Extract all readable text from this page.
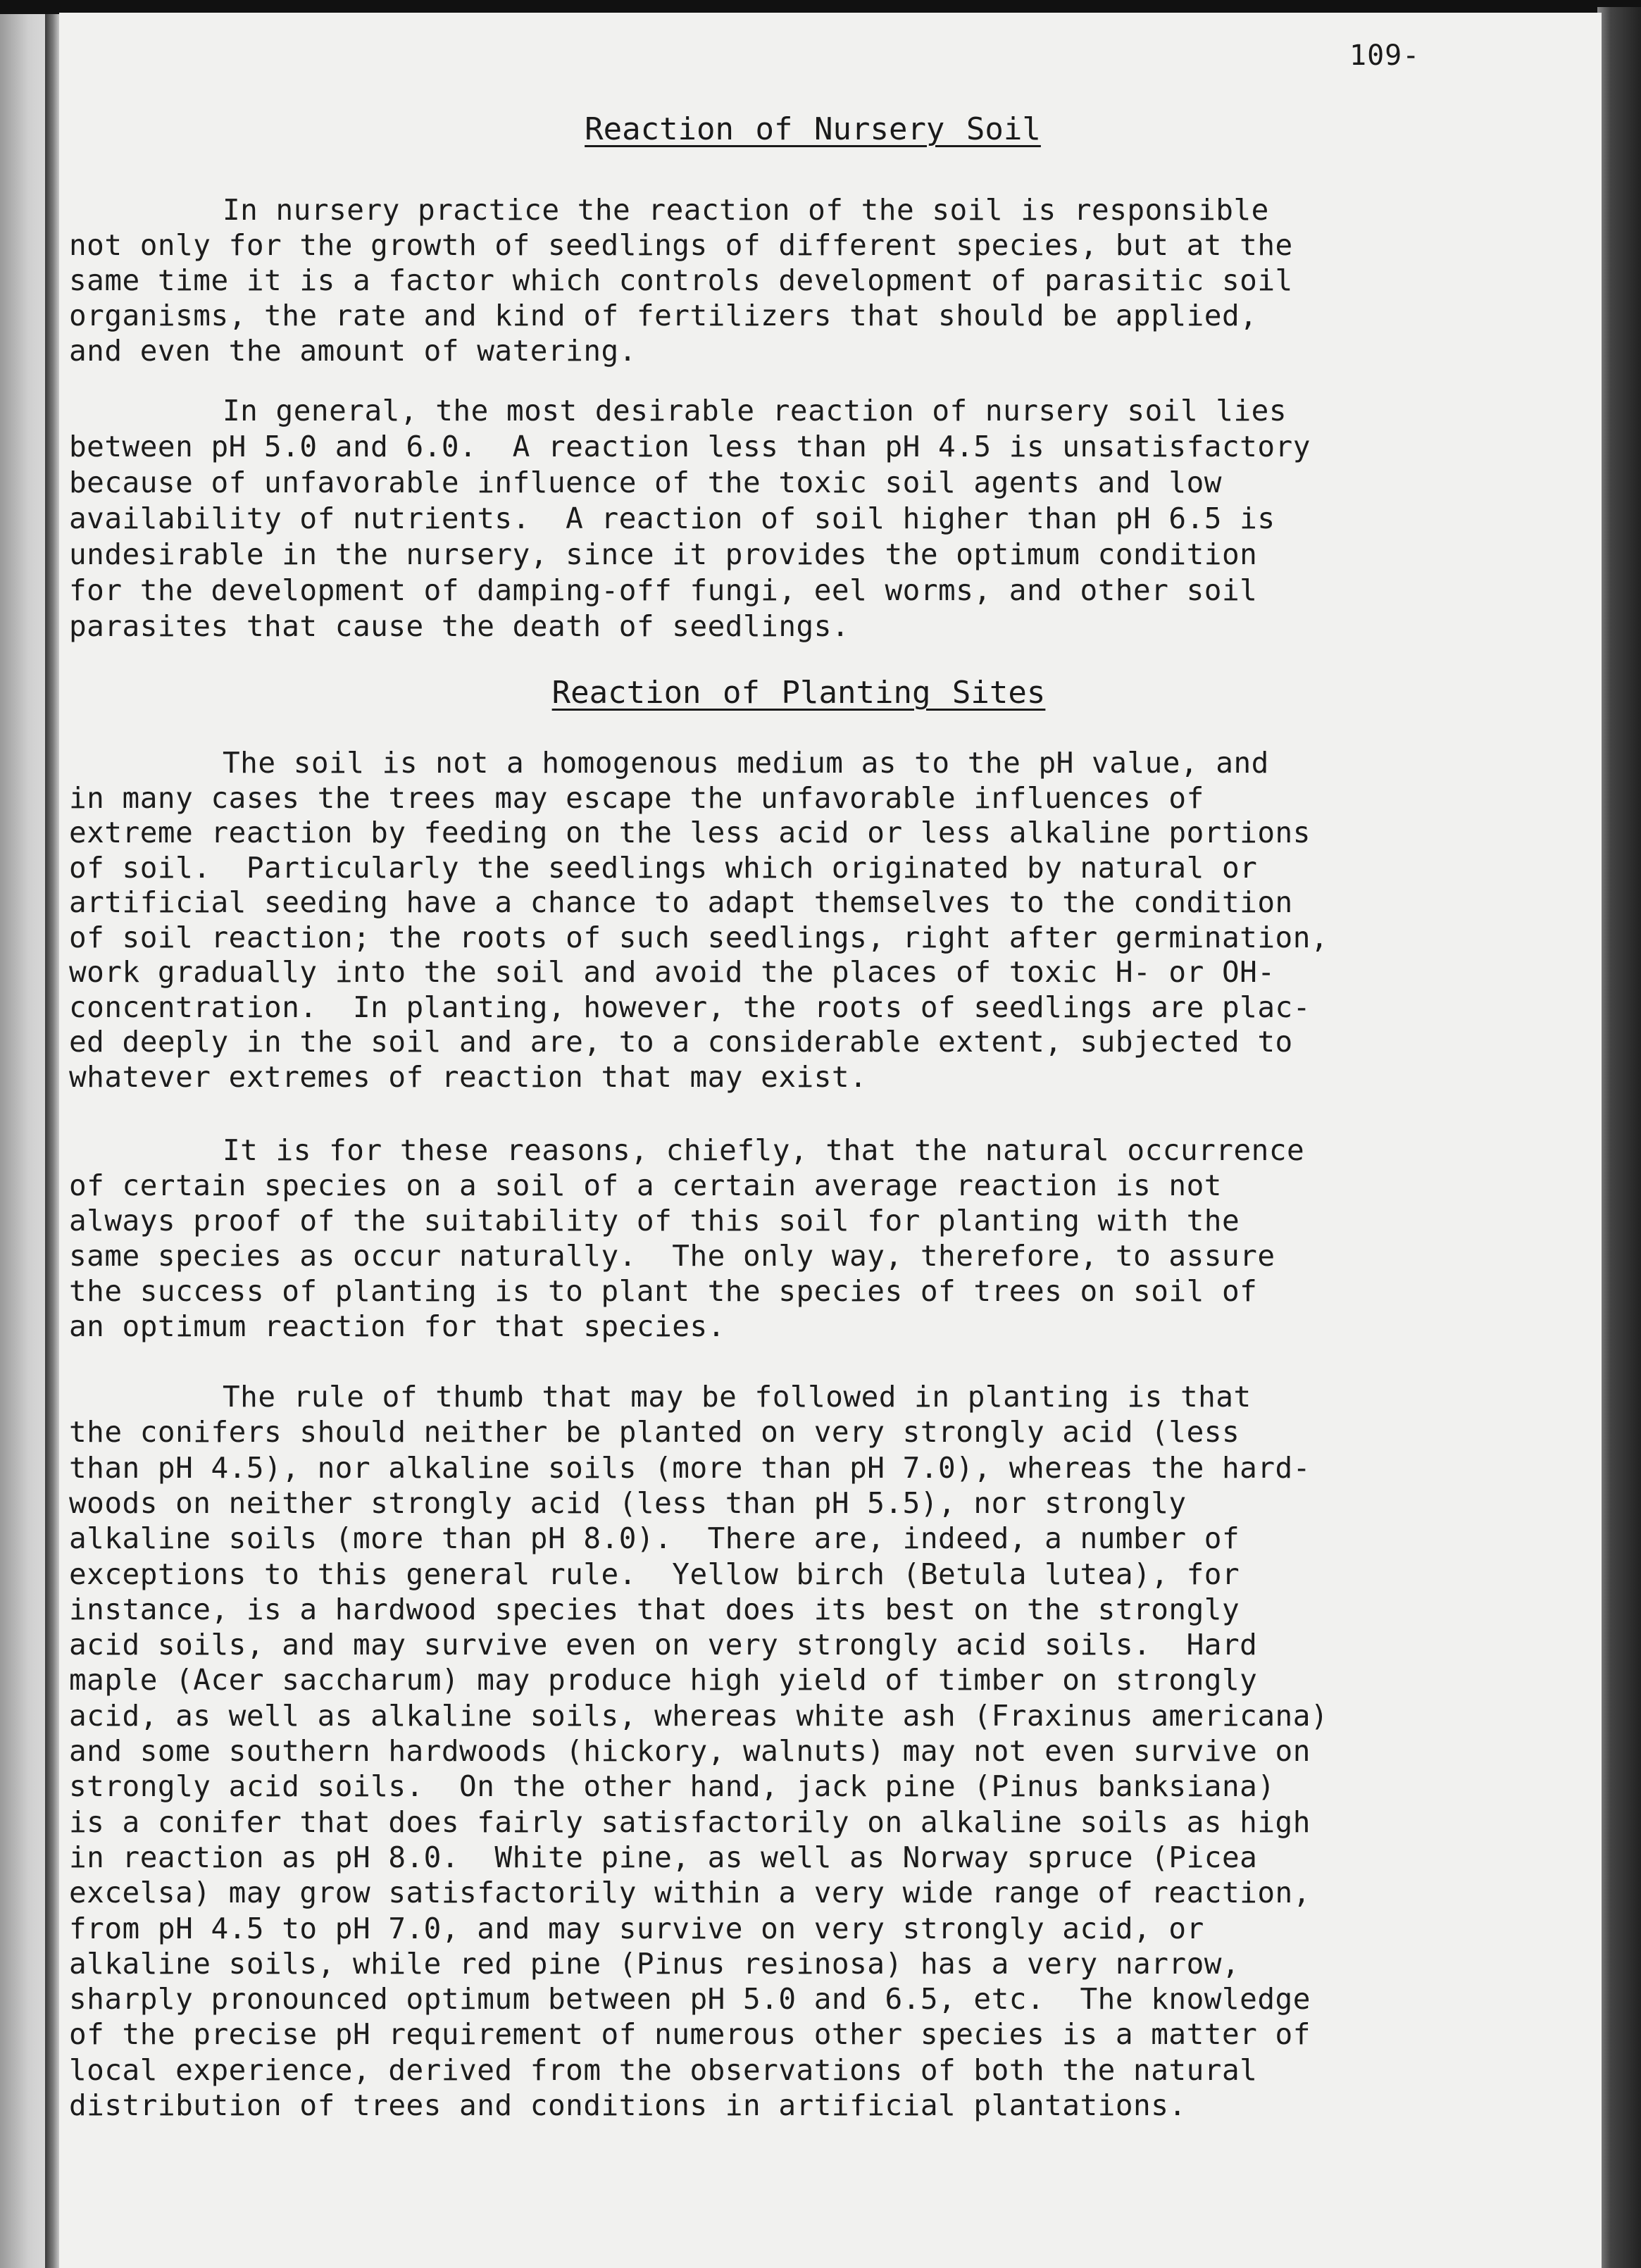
109-
Reaction of Nursery Soil
Reaction of Planting Sites
In nursery practice the reaction of the soil is responsible
not only for the growth of seedlings of different species, but at the
same time it is a factor which controls development of parasitic soil
organisms, the rate and kind of fertilizers that should be applied,
and even the amount of watering.
In general, the most desirable reaction of nursery soil lies
between pH 5.0 and 6.0.  A reaction less than pH 4.5 is unsatisfactory
because of unfavorable influence of the toxic soil agents and low
availability of nutrients.  A reaction of soil higher than pH 6.5 is
undesirable in the nursery, since it provides the optimum condition
for the development of damping-off fungi, eel worms, and other soil
parasites that cause the death of seedlings.
The soil is not a homogenous medium as to the pH value, and
in many cases the trees may escape the unfavorable influences of
extreme reaction by feeding on the less acid or less alkaline portions
of soil.  Particularly the seedlings which originated by natural or
artificial seeding have a chance to adapt themselves to the condition
of soil reaction; the roots of such seedlings, right after germination,
work gradually into the soil and avoid the places of toxic H- or OH-
concentration.  In planting, however, the roots of seedlings are plac-
ed deeply in the soil and are, to a considerable extent, subjected to
whatever extremes of reaction that may exist.
It is for these reasons, chiefly, that the natural occurrence
of certain species on a soil of a certain average reaction is not
always proof of the suitability of this soil for planting with the
same species as occur naturally.  The only way, therefore, to assure
the success of planting is to plant the species of trees on soil of
an optimum reaction for that species.
The rule of thumb that may be followed in planting is that
the conifers should neither be planted on very strongly acid (less
than pH 4.5), nor alkaline soils (more than pH 7.0), whereas the hard-
woods on neither strongly acid (less than pH 5.5), nor strongly
alkaline soils (more than pH 8.0).  There are, indeed, a number of
exceptions to this general rule.  Yellow birch (Betula lutea), for
instance, is a hardwood species that does its best on the strongly
acid soils, and may survive even on very strongly acid soils.  Hard
maple (Acer saccharum) may produce high yield of timber on strongly
acid, as well as alkaline soils, whereas white ash (Fraxinus americana)
and some southern hardwoods (hickory, walnuts) may not even survive on
strongly acid soils.  On the other hand, jack pine (Pinus banksiana)
is a conifer that does fairly satisfactorily on alkaline soils as high
in reaction as pH 8.0.  White pine, as well as Norway spruce (Picea
excelsa) may grow satisfactorily within a very wide range of reaction,
from pH 4.5 to pH 7.0, and may survive on very strongly acid, or
alkaline soils, while red pine (Pinus resinosa) has a very narrow,
sharply pronounced optimum between pH 5.0 and 6.5, etc.  The knowledge
of the precise pH requirement of numerous other species is a matter of
local experience, derived from the observations of both the natural
distribution of trees and conditions in artificial plantations.
